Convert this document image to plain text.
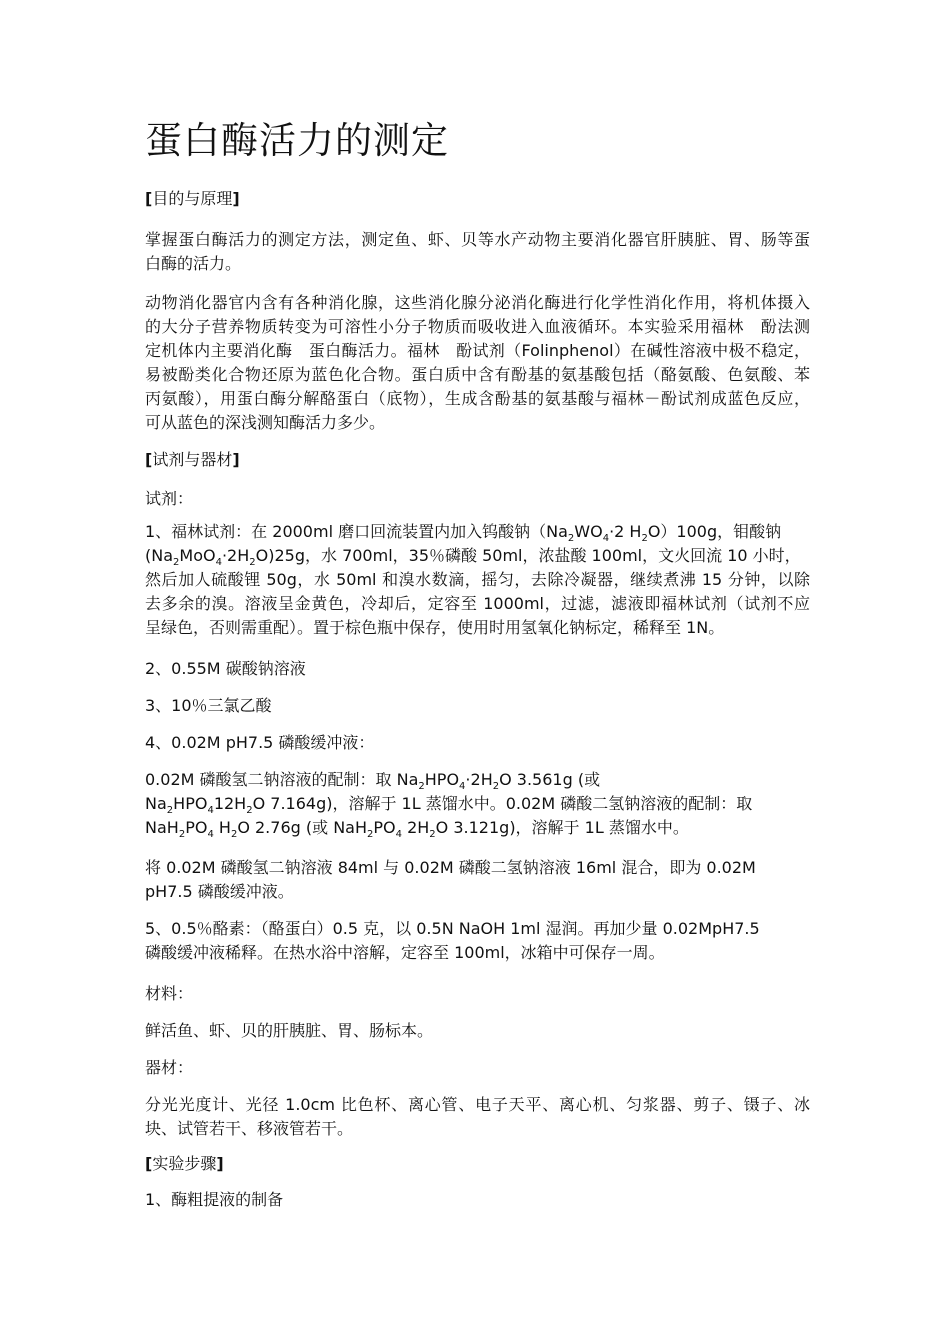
蛋白酶活力的测定
[目的与原理]
掌握蛋白酶活力的测定方法，测定鱼、虾、贝等水产动物主要消化器官肝胰脏、胃、肠等蛋
白酶的活力。
动物消化器官内含有各种消化腺，这些消化腺分泌消化酶进行化学性消化作用，将机体摄入
的大分子营养物质转变为可溶性小分子物质而吸收进入血液循环。本实验采用福林　酚法测
定机体内主要消化酶　蛋白酶活力。福林　酚试剂（Folinphenol）在碱性溶液中极不稳定，
易被酚类化合物还原为蓝色化合物。蛋白质中含有酚基的氨基酸包括（酪氨酸、色氨酸、苯
丙氨酸），用蛋白酶分解酪蛋白（底物），生成含酚基的氨基酸与福林－酚试剂成蓝色反应，
可从蓝色的深浅测知酶活力多少。
[试剂与器材]
试剂：
1、福林试剂：在 2000ml 磨口回流装置内加入钨酸钠（$Na_2WO_4\cdot 2$ $H_2O)100g$，钼酸钠
$(Na_2MoO_4\cdot 2H_2O)25g$，水 700ml，35％磷酸 50ml，浓盐酸 100ml，文火回流 10 小时，
然后加人硫酸锂 50g，水 50ml 和溴水数滴，摇匀，去除冷凝器，继续煮沸 15 分钟，以除
去多余的溴。溶液呈金黄色，冷却后，定容至 1000ml，过滤，滤液即福林试剂（试剂不应
呈绿色，否则需重配）。置于棕色瓶中保存，使用时用氢氧化钠标定，稀释至 1N。
2、0.55M 碳酸钠溶液
3、10％三氯乙酸
4、0.02M pH7.5 磷酸缓冲液：
0.02M 磷酸氢二钠溶液的配制：取 $Na_2HPO_4\cdot 2H_2O$ 3.561g (或
$Na_2HPO_412H_2O$ 7.164g)，溶解于 1L 蒸馏水中。0.02M 磷酸二氢钠溶液的配制：取
$NaH_2PO_4$ $H_2O$ 2.76g (或 $NaH_2PO_4$ $2H_2O$ 3.121g)，溶解于 1L 蒸馏水中。
将 0.02M 磷酸氢二钠溶液 84ml 与 0.02M 磷酸二氢钠溶液 16ml 混合，即为 0.02M
pH7.5 磷酸缓冲液。
5、0.5％酪素：（酪蛋白）0.5 克，以 0.5N NaOH 1ml 湿润。再加少量 0.02MpH7.5
磷酸缓冲液稀释。在热水浴中溶解，定容至 100ml，冰箱中可保存一周。
材料：
鲜活鱼、虾、贝的肝胰脏、胃、肠标本。
器材：
分光光度计、光径 1.0cm 比色杯、离心管、电子天平、离心机、匀浆器、剪子、镊子、冰
块、试管若干、移液管若干。
[实验步骤]
1、酶粗提液的制备
